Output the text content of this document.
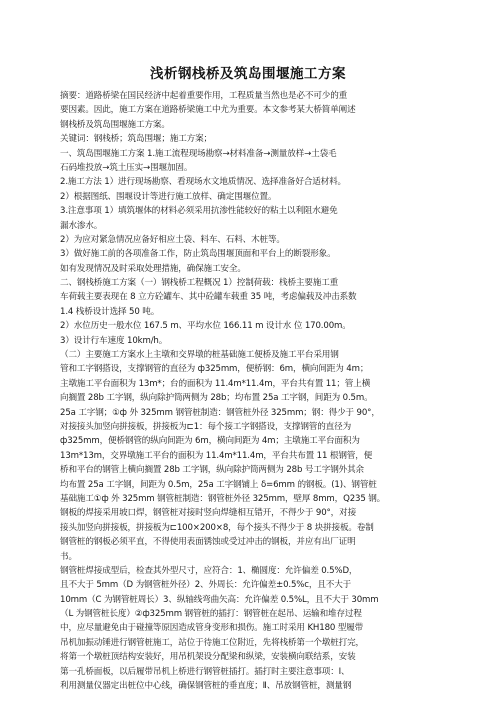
浅析钢栈桥及筑岛围堰施工方案
摘要：道路桥梁在国民经济中起着重要作用，工程质量当然也是必不可少的重
要因素。因此，施工方案在道路桥梁施工中尤为重要。本文参考某大桥简单阐述
钢栈桥及筑岛围堰施工方案。
关键词：钢栈桥；筑岛围堰；施工方案；
一、筑岛围堰施工方案 1.施工流程现场勘察→材料准备→测量放样→土袋毛
石码堆投放→筑土压实→围堰加固。
2.施工方法 1）进行现场勘察、看现场水文地质情况、选择准备好合适材料。
2）根据图纸、围堰设计等进行施工放样、确定围堰位置。
3.注意事项 1）填筑堰体的材料必须采用抗渗性能较好的粘土以利阻水避免
漏水渗水。
2）为应对紧急情况应备好相应土袋、料车、石料、木桩等。
3）做好施工前的各项准备工作，防止筑岛围堰顶面和平台上的断裂形象。
如有发现情况及时采取处理措施，确保施工安全。
二、钢栈桥施工方案（一）钢栈桥工程概况 1）控制荷载：栈桥主要施工重
车荷载主要表现在 8 立方砼罐车、其中砼罐车载重 35 吨，考虑偏载及冲击系数
1.4 栈桥设计选择 50 吨。
2）水位历史一般水位 167.5 m、平均水位 166.11 m 设计水 位 170.00m。
3）设计行车速度 10km/h。
（二）主要施工方案水上主墩和交界墩的桩基础施工便桥及施工平台采用钢
管和工字钢搭设，支撑钢管的直径为 ф325mm，便桥钢：6m，横向间距为 4m；
主墩施工平台面积为 13m*；台的面积为 11.4m*11.4m，平台共有置 11；管上横
向搁置 28b 工字钢，纵向除护筒两侧为 28b；均布置 25a 工字钢，间距为 0.5m。
25a 工字钢；①ф 外 325mm 钢管桩制造：钢管桩外径 325mm；钢：得少于 90°，
对接接头加竖向拼接板，拼接板为⊏1：每个接工字钢搭设，支撑钢管的直径为
ф325mm，便桥钢管的纵向间距为 6m，横向间距为 4m；主墩施工平台面积为
13m*13m，交界墩施工平台的面积为 11.4m*11.4m，平台共布置 11 根钢管，便
桥和平台的钢管上横向搁置 28b 工字钢，纵向除护筒两侧为 28b 号工字钢外其余
均布置 25a 工字钢，间距为 0.5m，25a 工字钢铺上 δ=6mm 的钢板。(1)、钢管桩
基础施工①ф 外 325mm 钢管桩制造：钢管桩外径 325mm，壁厚 8mm，Q235 钢。
钢板的焊接采用坡口焊，钢管桩对接时竖向焊缝相互错开，不得少于 90°，对接
接头加竖向拼接板，拼接板为⊏100×200×8，每个接头不得少于 8 块拼接板。卷制
钢管桩的钢板必须平直，不得使用表面锈蚀或受过冲击的钢板，并应有出厂证明
书。
钢管桩焊接成型后，检查其外型尺寸，应符合：1、椭圆度：允许偏差 0.5%D，
且不大于 5mm（D 为钢管桩外径）2、外周长：允许偏差±0.5%c，且不大于
10mm（C 为钢管桩周长）3、纵轴线弯曲矢高：允许偏差 0.5%L，且不大于 30mm
（L 为钢管桩长度）②ф325mm 钢管桩的插打：钢管桩在起吊、运输和堆存过程
中，应尽量避免由于碰撞等原因造成管身变形和损伤。施工时采用 KH180 型履带
吊机加振动锤进行钢管桩施工，站位于待施工位附近，先将栈桥第一个墩桩打完，
将第一个墩桩顶结构安装好，用吊机架设分配梁和纵梁，安装横向联结系，安装
第一孔桥面板，以后履带吊机上桥进行钢管桩插打。插打时主要注意事项：Ⅰ、
利用测量仪器定出桩位中心线，确保钢管桩的垂直度；Ⅱ、吊放钢管桩，测量钢
